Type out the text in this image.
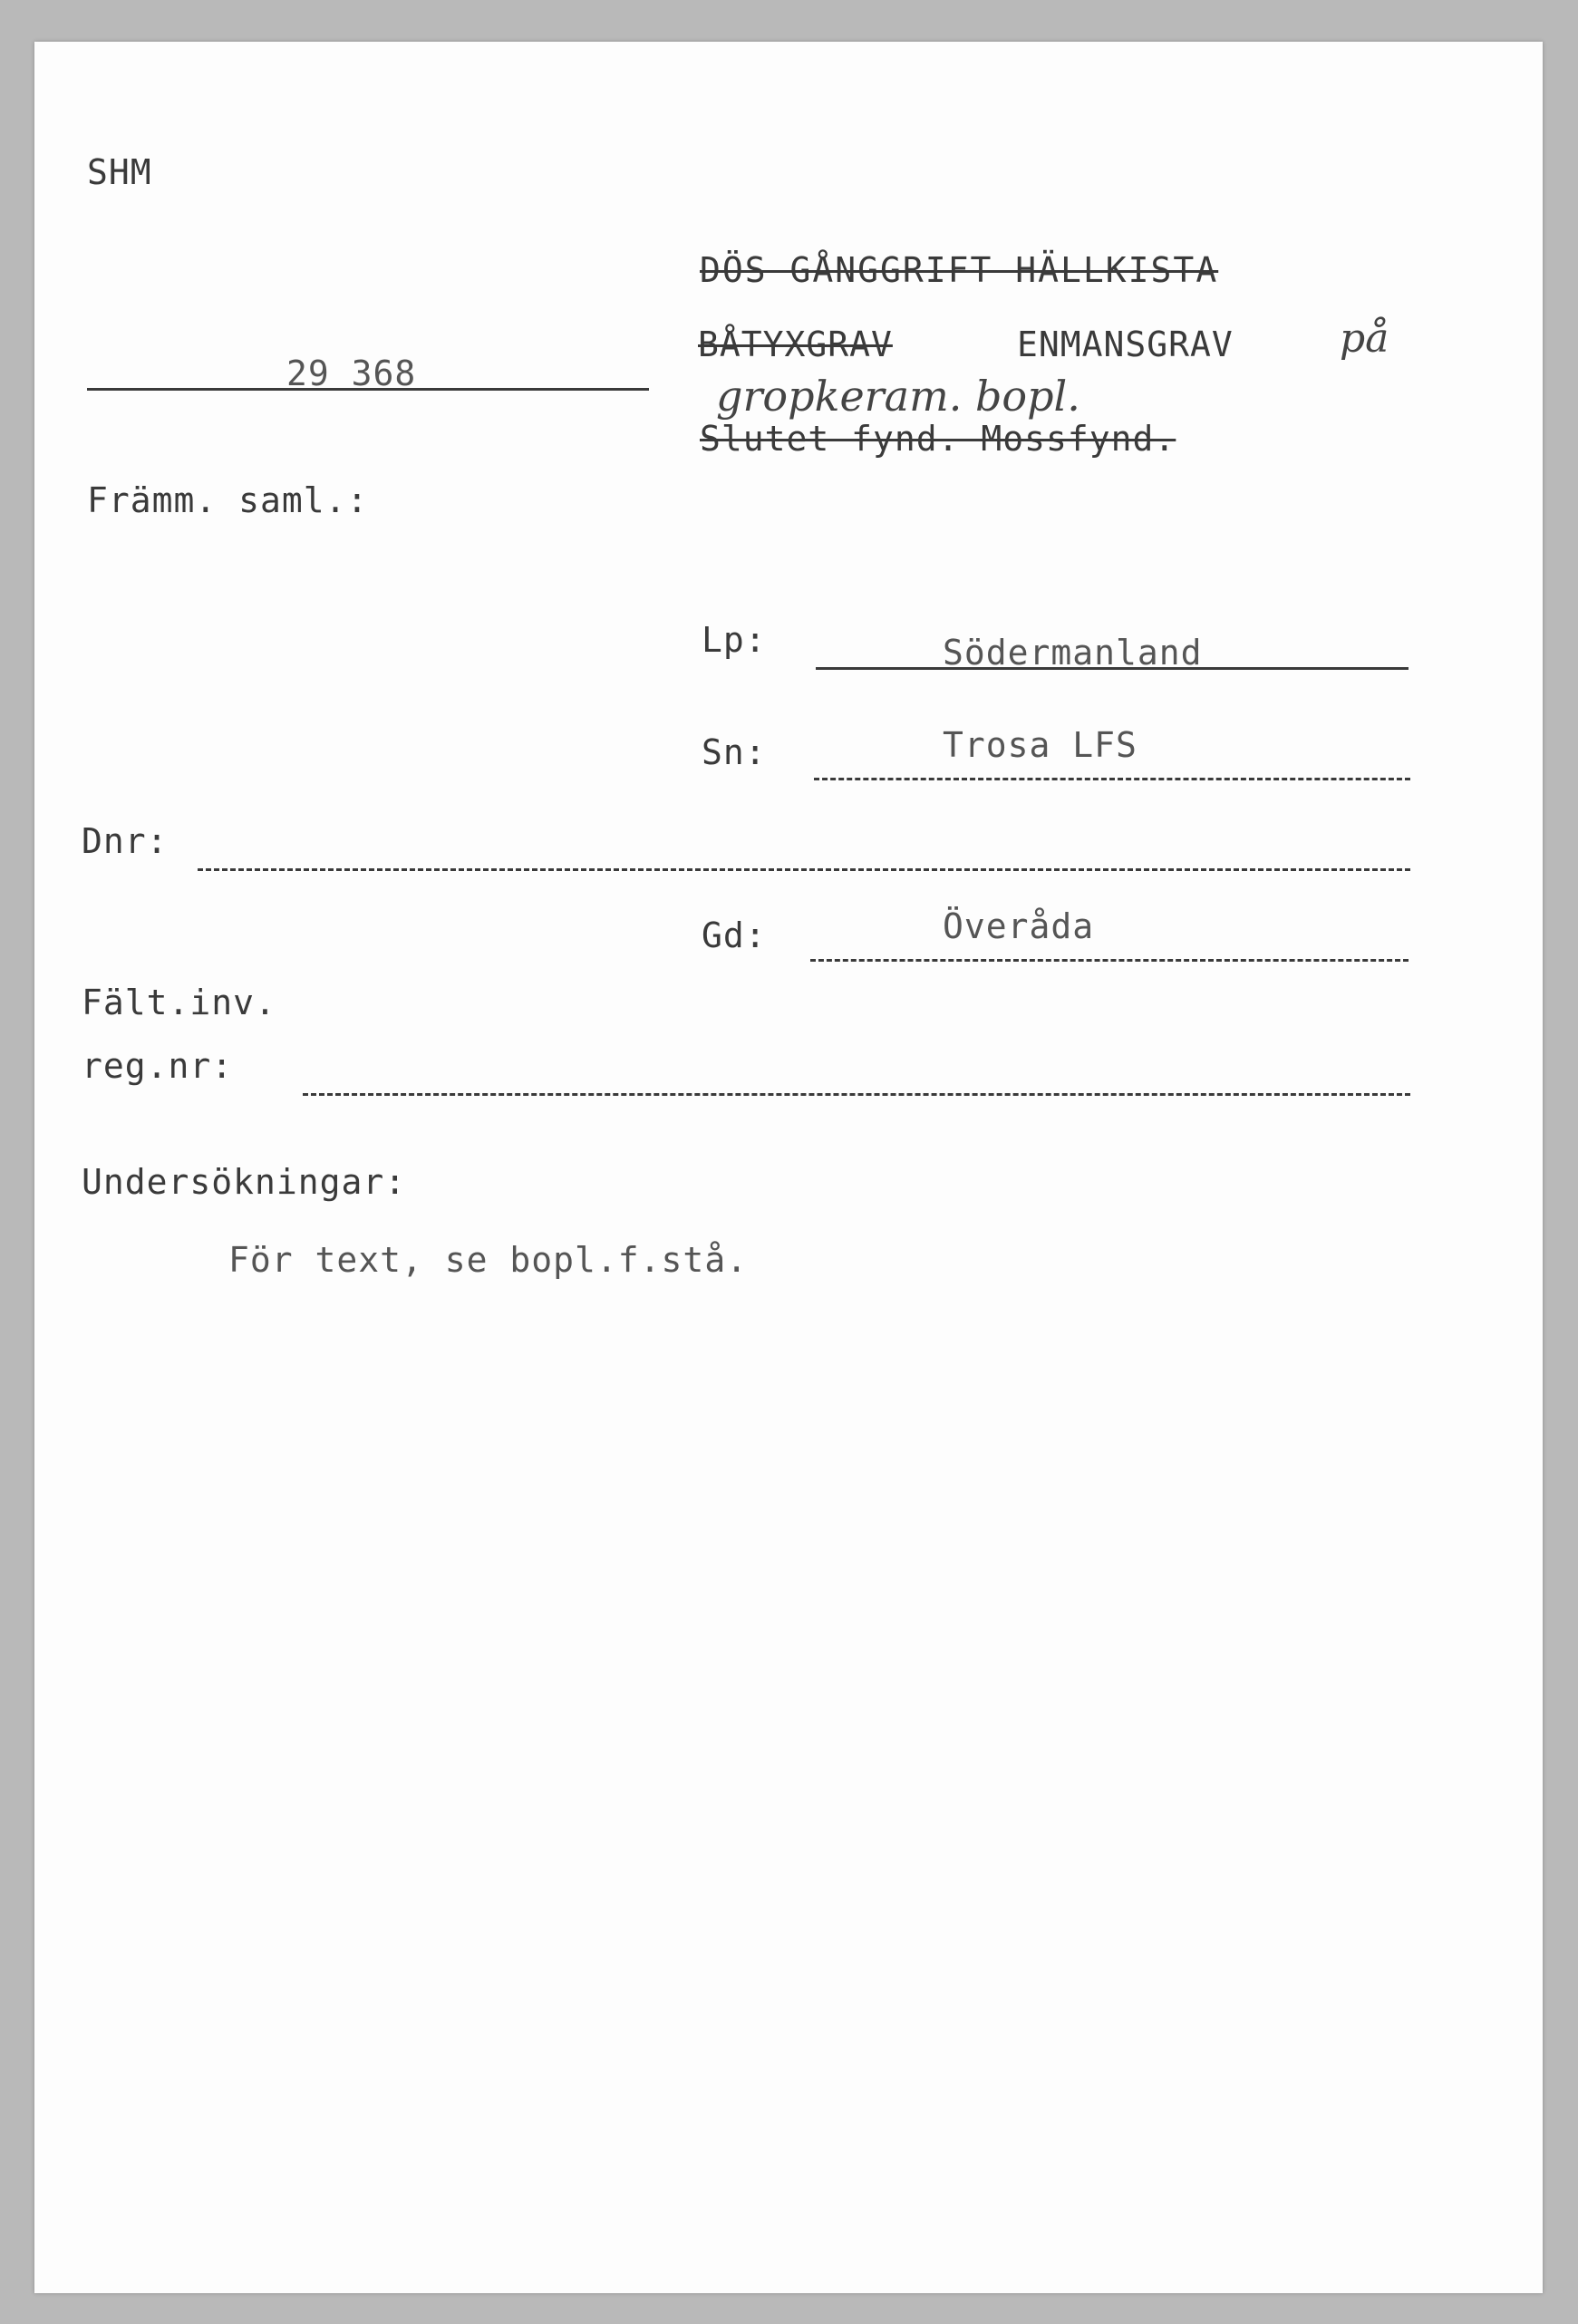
SHM
29 368
Främm. saml.:
DÖS GÅNGGRIFT HÄLLKISTA
BÅTYXGRAV	ENMANSGRAV	på
gropkeram. bopl.
Slutet fynd. Mossfynd.
Lp:	Södermanland
Sn:	Trosa LFS
Dnr:
Gd:	Överåda
Fält.inv.
reg.nr:
Undersökningar:
För text, se bopl.f.stå.
